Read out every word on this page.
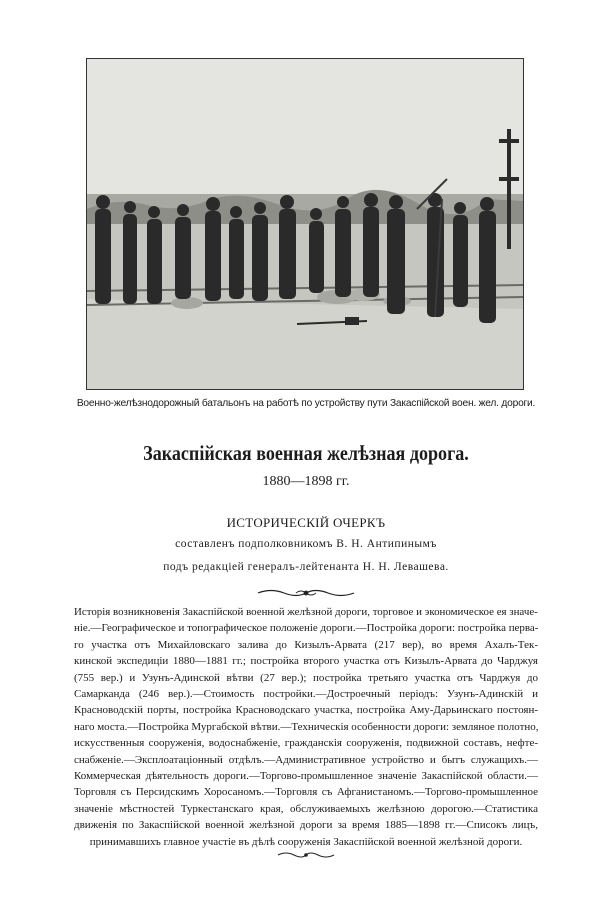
Военно-желѣзнодорожный батальонъ на работѣ по устройству пути Закаспійской воен. жел. дороги.
Закаспійская военная желѣзная дорога.
1880—1898 гг.
ИСТОРИЧЕСКІЙ ОЧЕРКЪ
составленъ подполковникомъ В. Н. Антипинымъ
подъ редакціей генералъ-лейтенанта Н. Н. Левашева.
Исторія возникновенія Закаспійской военной желѣзной дороги, торговое и экономическое ея значе-
ніе.—Географическое и топографическое положеніе дороги.—Постройка дороги: постройка перва-
го участка отъ Михайловскаго залива до Кизылъ-Арвата (217 вер), во время Ахалъ-Тек-
кинской экспедиціи 1880—1881 гг.; постройка второго участка отъ Кизылъ-Арвата до Чарджуя
(755 вер.) и Узунъ-Адинской вѣтви (27 вер.); постройка третьяго участка отъ Чарджуя до
Самарканда (246 вер.).—Стоимость постройки.—Достроечный періодъ: Узунъ-Адинскій и
Красноводскій порты, постройка Красноводскаго участка, постройка Аму-Дарьинскаго постоян-
наго моста.—Постройка Мургабской вѣтви.—Техническія особенности дороги: земляное полотно,
искусственныя сооруженія, водоснабженіе, гражданскія сооруженія, подвижной составъ, нефте-
снабженіе.—Эксплоатаціонный отдѣлъ.—Административное устройство и бытъ служащихъ.—
Коммерческая дѣятельность дороги.—Торгово-промышленное значеніе Закаспійской области.—
Торговля съ Персидскимъ Хоросаномъ.—Торговля съ Афганистаномъ.—Торгово-промышленное
значеніе мѣстностей Туркестанскаго края, обслуживаемыхъ желѣзною дорогою.—Статистика
движенія по Закаспійской военной желѣзной дороги за время 1885—1898 гг.—Списокъ лицъ,
принимавшихъ главное участіе въ дѣлѣ сооруженія Закаспійской военной желѣзной дороги.
